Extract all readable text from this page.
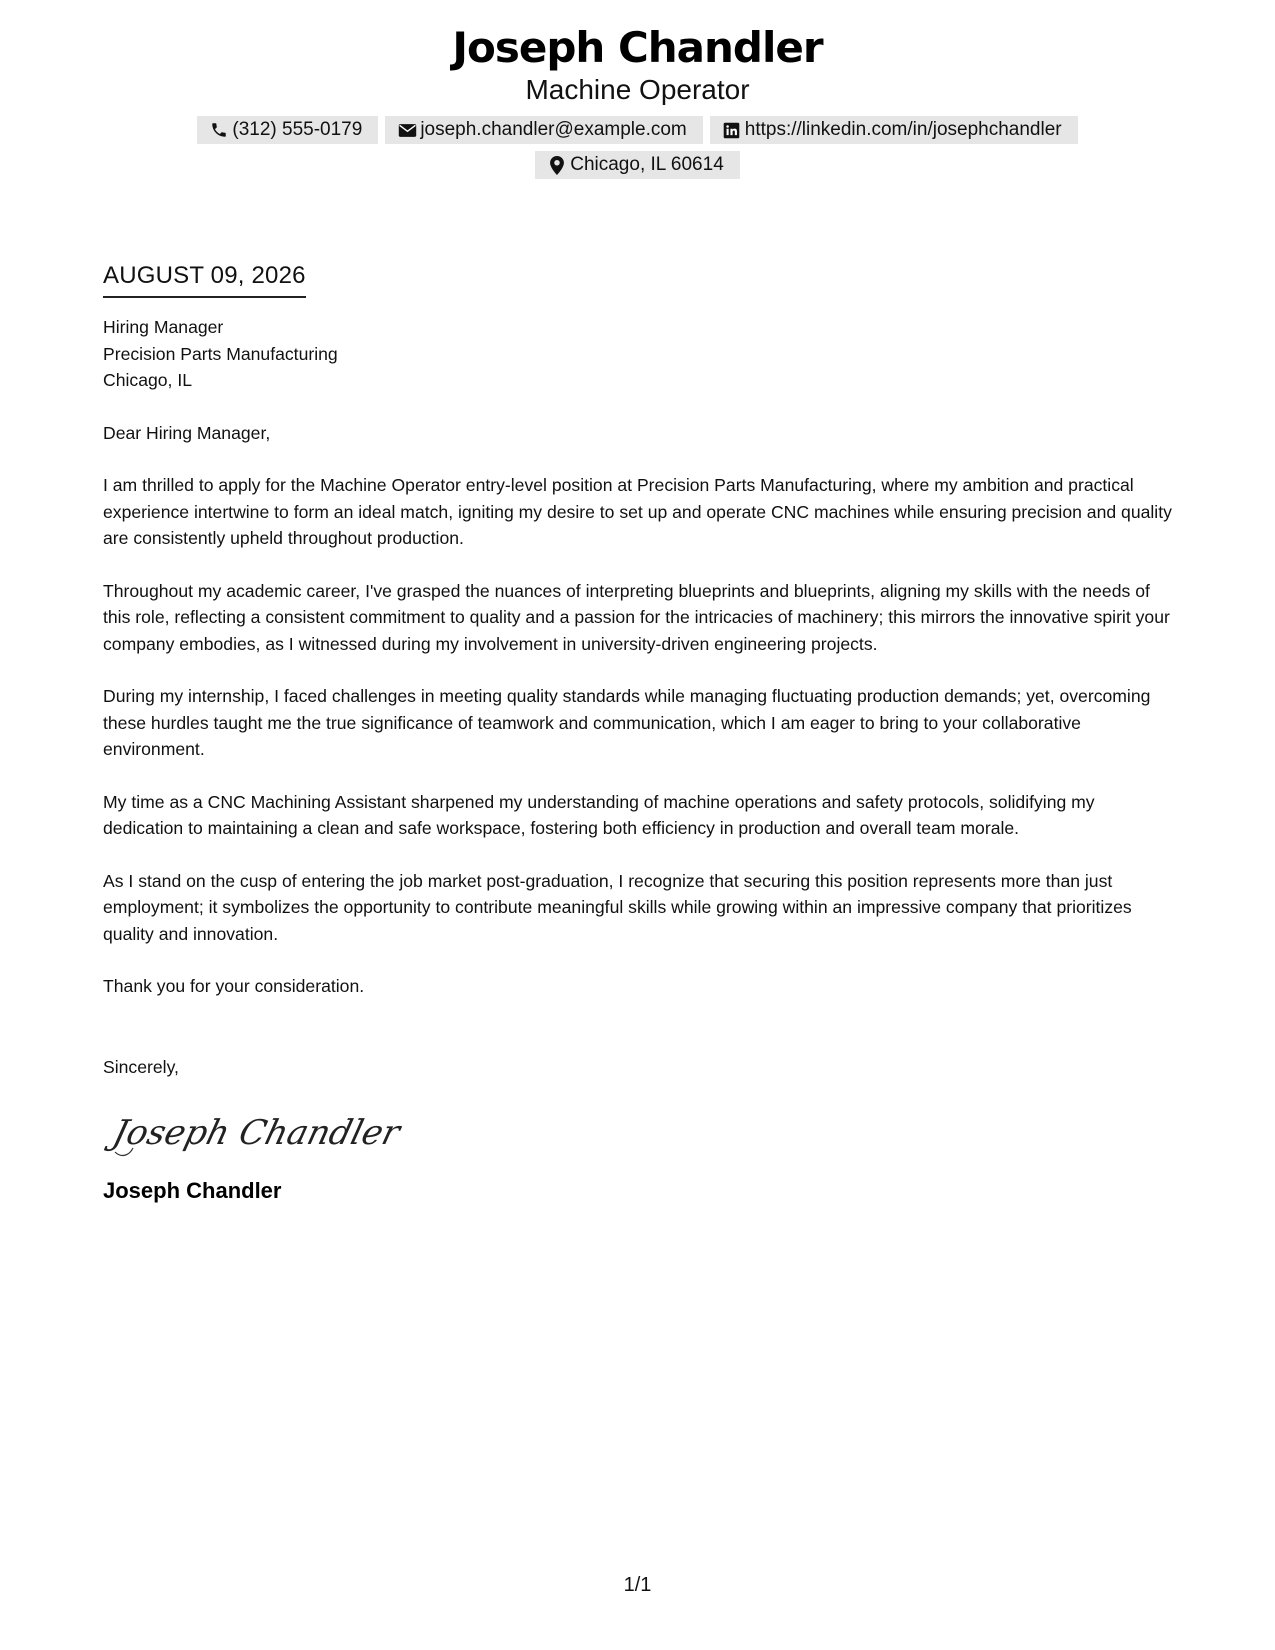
Joseph Chandler
Machine Operator
(312) 555-0179	joseph.chandler@example.com	https://linkedin.com/in/josephchandler
Chicago, IL 60614
AUGUST 09, 2026
Hiring Manager
Precision Parts Manufacturing
Chicago, IL
Dear Hiring Manager,
I am thrilled to apply for the Machine Operator entry-level position at Precision Parts Manufacturing, where my ambition and practical experience intertwine to form an ideal match, igniting my desire to set up and operate CNC machines while ensuring precision and quality are consistently upheld throughout production.
Throughout my academic career, I've grasped the nuances of interpreting blueprints and blueprints, aligning my skills with the needs of this role, reflecting a consistent commitment to quality and a passion for the intricacies of machinery; this mirrors the innovative spirit your company embodies, as I witnessed during my involvement in university-driven engineering projects.
During my internship, I faced challenges in meeting quality standards while managing fluctuating production demands; yet, overcoming these hurdles taught me the true significance of teamwork and communication, which I am eager to bring to your collaborative environment.
My time as a CNC Machining Assistant sharpened my understanding of machine operations and safety protocols, solidifying my dedication to maintaining a clean and safe workspace, fostering both efficiency in production and overall team morale.
As I stand on the cusp of entering the job market post-graduation, I recognize that securing this position represents more than just employment; it symbolizes the opportunity to contribute meaningful skills while growing within an impressive company that prioritizes quality and innovation.
Thank you for your consideration.
Sincerely,
Joseph Chandler
Joseph Chandler
1/1
